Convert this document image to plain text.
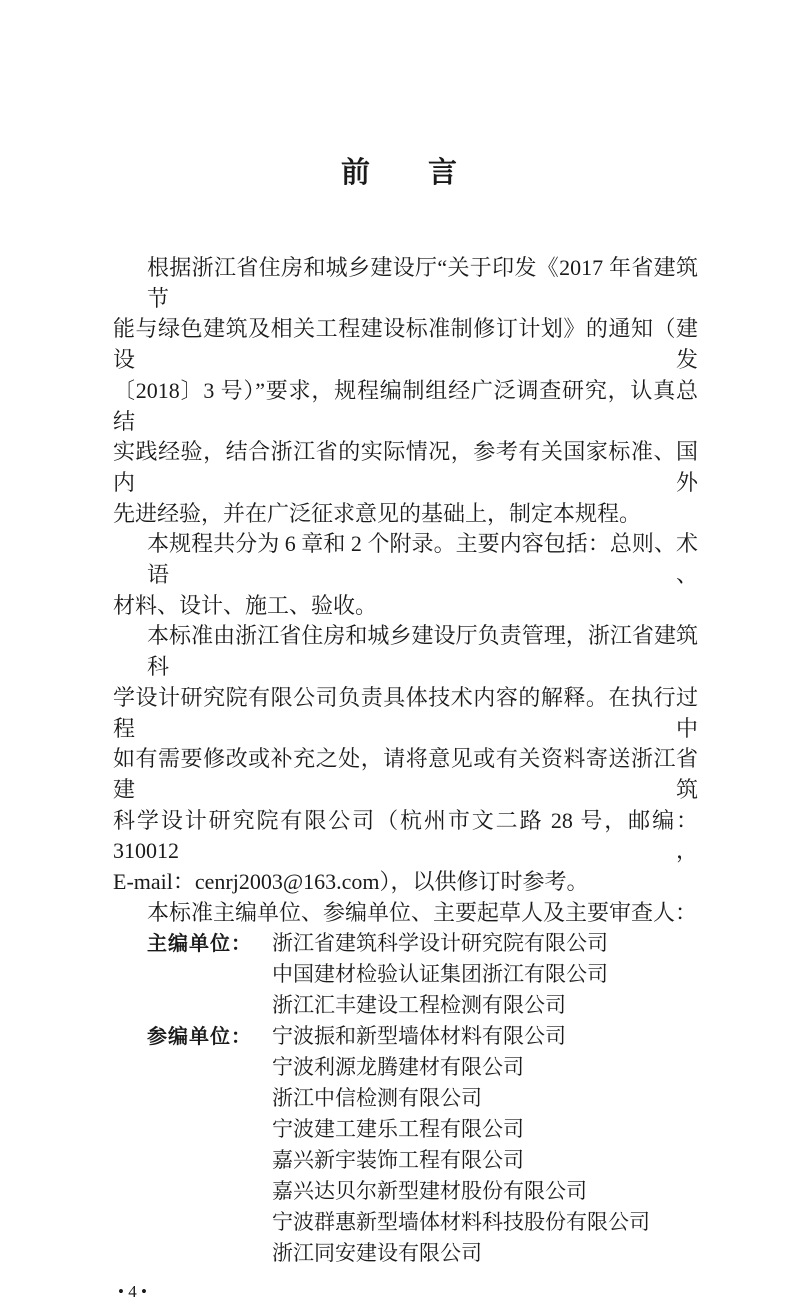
前 言
根据浙江省住房和城乡建设厅“关于印发《2017 年省建筑节
能与绿色建筑及相关工程建设标准制修订计划》的通知（建设发
〔2018〕3 号）”要求，规程编制组经广泛调查研究，认真总结
实践经验，结合浙江省的实际情况，参考有关国家标准、国内外
先进经验，并在广泛征求意见的基础上，制定本规程。
本规程共分为 6 章和 2 个附录。主要内容包括：总则、术语、
材料、设计、施工、验收。
本标准由浙江省住房和城乡建设厅负责管理，浙江省建筑科
学设计研究院有限公司负责具体技术内容的解释。在执行过程中
如有需要修改或补充之处，请将意见或有关资料寄送浙江省建筑
科学设计研究院有限公司（杭州市文二路 28 号，邮编：310012，
E-mail：cenrj2003@163.com），以供修订时参考。
本标准主编单位、参编单位、主要起草人及主要审查人：
主编单位： 浙江省建筑科学设计研究院有限公司
中国建材检验认证集团浙江有限公司
浙江汇丰建设工程检测有限公司
参编单位： 宁波振和新型墙体材料有限公司
宁波利源龙腾建材有限公司
浙江中信检测有限公司
宁波建工建乐工程有限公司
嘉兴新宇装饰工程有限公司
嘉兴达贝尔新型建材股份有限公司
宁波群惠新型墙体材料科技股份有限公司
浙江同安建设有限公司
• 4 •
